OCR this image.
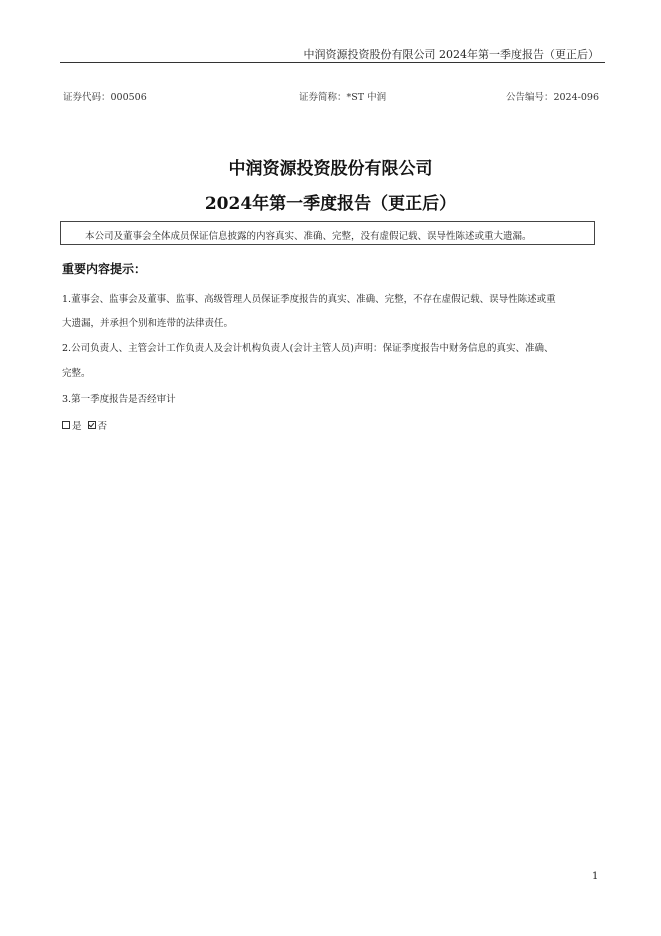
中润资源投资股份有限公司 2024年第一季度报告（更正后）
证券代码：000506	证券简称：*ST 中润	公告编号：2024-096
中润资源投资股份有限公司
2024年第一季度报告（更正后）
本公司及董事会全体成员保证信息披露的内容真实、准确、完整，没有虚假记载、误导性陈述或重大遗漏。
重要内容提示：
1.董事会、监事会及董事、监事、高级管理人员保证季度报告的真实、准确、完整，不存在虚假记载、误导性陈述或重
大遗漏，并承担个别和连带的法律责任。
2.公司负责人、主管会计工作负责人及会计机构负责人(会计主管人员)声明：保证季度报告中财务信息的真实、准确、
完整。
3.第一季度报告是否经审计
是 否
1
